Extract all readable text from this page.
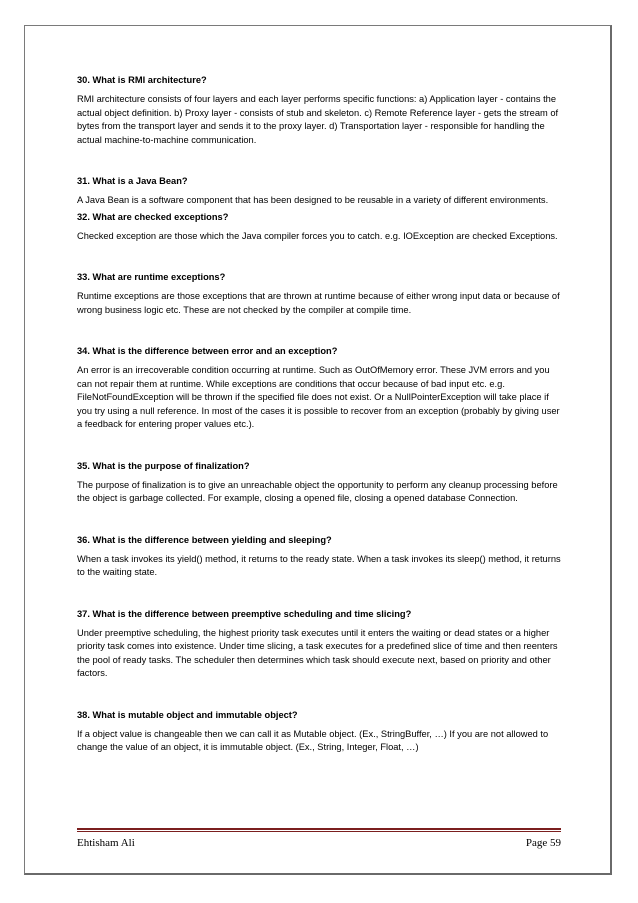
30. What is RMI architecture?

RMI architecture consists of four layers and each layer performs specific functions: a) Application layer - contains the actual object definition. b) Proxy layer - consists of stub and skeleton. c) Remote Reference layer - gets the stream of bytes from the transport layer and sends it to the proxy layer. d) Transportation layer - responsible for handling the actual machine-to-machine communication.

31. What is a Java Bean?

A Java Bean is a software component that has been designed to be reusable in a variety of different environments.

32. What are checked exceptions?

Checked exception are those which the Java compiler forces you to catch. e.g. IOException are checked Exceptions.

33. What are runtime exceptions?

Runtime exceptions are those exceptions that are thrown at runtime because of either wrong input data or because of wrong business logic etc. These are not checked by the compiler at compile time.

34. What is the difference between error and an exception?

An error is an irrecoverable condition occurring at runtime. Such as OutOfMemory error. These JVM errors and you can not repair them at runtime. While exceptions are conditions that occur because of bad input etc. e.g. FileNotFoundException will be thrown if the specified file does not exist. Or a NullPointerException will take place if you try using a null reference. In most of the cases it is possible to recover from an exception (probably by giving user a feedback for entering proper values etc.).

35. What is the purpose of finalization?

The purpose of finalization is to give an unreachable object the opportunity to perform any cleanup processing before the object is garbage collected. For example, closing a opened file, closing a opened database Connection.

36. What is the difference between yielding and sleeping?

When a task invokes its yield() method, it returns to the ready state. When a task invokes its sleep() method, it returns to the waiting state.

37. What is the difference between preemptive scheduling and time slicing?

Under preemptive scheduling, the highest priority task executes until it enters the waiting or dead states or a higher priority task comes into existence. Under time slicing, a task executes for a predefined slice of time and then reenters the pool of ready tasks. The scheduler then determines which task should execute next, based on priority and other factors.

38. What is mutable object and immutable object?

If a object value is changeable then we can call it as Mutable object. (Ex., StringBuffer, …) If you are not allowed to change the value of an object, it is immutable object. (Ex., String, Integer, Float, …)

Ehtisham Ali	Page 59
